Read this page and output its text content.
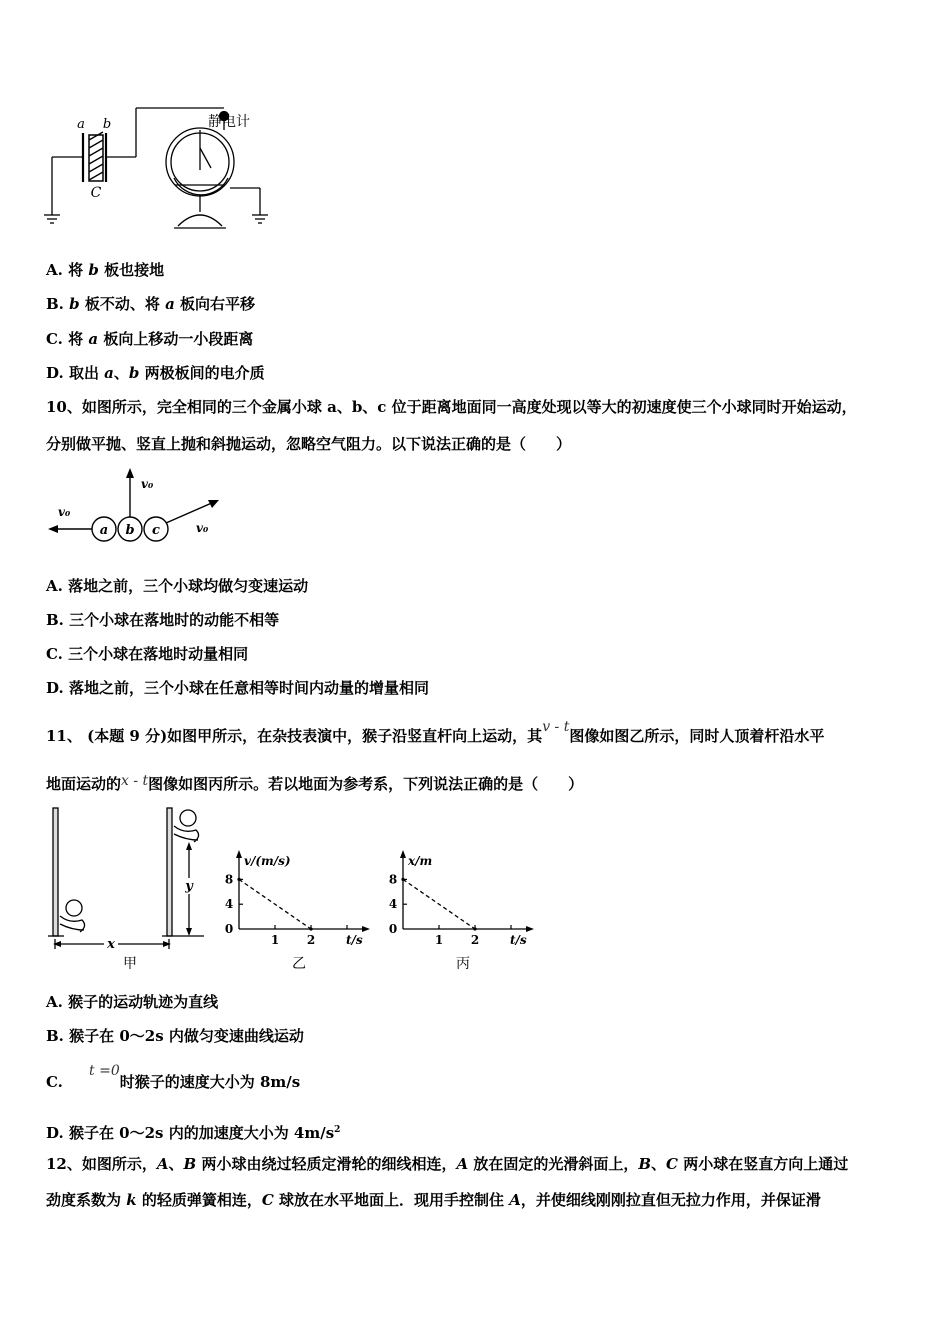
a b
C
静电计
A. 将 b 板也接地
B. b 板不动、将 a 板向右平移
C. 将 a 板向上移动一小段距离
D. 取出 a、b 两极板间的电介质
10、如图所示，完全相同的三个金属小球 a、b、c 位于距离地面同一高度处现以等大的初速度使三个小球同时开始运动，
分别做平抛、竖直上抛和斜抛运动，忽略空气阻力。以下说法正确的是（　　）
v₀
v₀
v₀
a b c
A. 落地之前，三个小球均做匀变速运动
B. 三个小球在落地时的动能不相等
C. 三个小球在落地时动量相同
D. 落地之前，三个小球在任意相等时间内动量的增量相同
11、 (本题 9 分)如图甲所示，在杂技表演中，猴子沿竖直杆向上运动，其v - t图像如图乙所示，同时人顶着杆沿水平
地面运动的x - t图像如图丙所示。若以地面为参考系，下列说法正确的是（　　）
x
y
甲
v/(m/s)
t/s
8
4
0
1 2
乙
x/m
t/s
8
4
0
1 2
丙
A. 猴子的运动轨迹为直线
B. 猴子在 0～2s 内做匀变速曲线运动
C.     t =0时猴子的速度大小为 8m/s
D. 猴子在 0～2s 内的加速度大小为 $4m/s^2$
12、如图所示，A、B 两小球由绕过轻质定滑轮的细线相连，A 放在固定的光滑斜面上，B、C 两小球在竖直方向上通过
劲度系数为 k 的轻质弹簧相连，C 球放在水平地面上．现用手控制住 A，并使细线刚刚拉直但无拉力作用，并保证滑
